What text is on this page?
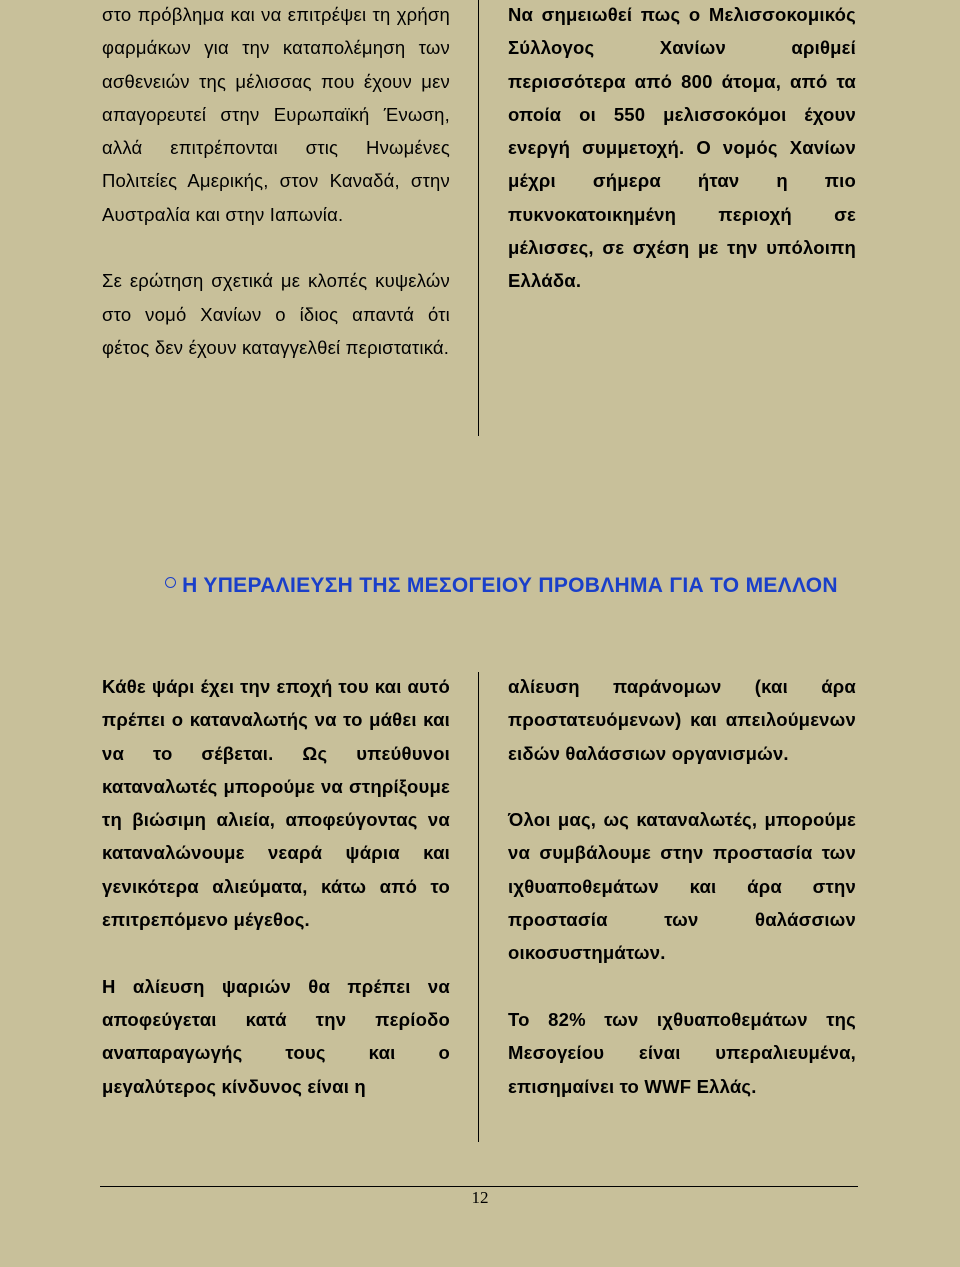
στο πρόβλημα και να επιτρέψει τη χρήση φαρμάκων για την καταπολέμηση των ασθενειών της μέλισσας που έχουν μεν απαγορευτεί στην Ευρωπαϊκή Ένωση, αλλά επιτρέπονται στις Ηνωμένες Πολιτείες Αμερικής, στον Καναδά, στην Αυστραλία και στην Ιαπωνία.

Σε ερώτηση σχετικά με κλοπές κυψελών στο νομό Χανίων ο ίδιος απαντά ότι φέτος δεν έχουν καταγγελθεί περιστατικά.

Να σημειωθεί πως ο Μελισσοκομικός Σύλλογος Χανίων αριθμεί περισσότερα από 800 άτομα, από τα οποία οι 550 μελισσοκόμοι έχουν ενεργή συμμετοχή. Ο νομός Χανίων μέχρι σήμερα ήταν η πιο πυκνοκατοικημένη περιοχή σε μέλισσες, σε σχέση με την υπόλοιπη Ελλάδα.

Η ΥΠΕΡΑΛΙΕΥΣΗ ΤΗΣ ΜΕΣΟΓΕΙΟΥ ΠΡΟΒΛΗΜΑ ΓΙΑ ΤΟ ΜΕΛΛΟΝ

Κάθε ψάρι έχει την εποχή του και αυτό πρέπει ο καταναλωτής να το μάθει και να το σέβεται. Ως υπεύθυνοι καταναλωτές μπορούμε να στηρίξουμε τη βιώσιμη αλιεία, αποφεύγοντας να καταναλώνουμε νεαρά ψάρια και γενικότερα αλιεύματα, κάτω από το επιτρεπόμενο μέγεθος.

Η αλίευση ψαριών θα πρέπει να αποφεύγεται κατά την περίοδο αναπαραγωγής τους και ο μεγαλύτερος κίνδυνος είναι η

αλίευση παράνομων (και άρα προστατευόμενων) και απειλούμενων ειδών θαλάσσιων οργανισμών.

Όλοι μας, ως καταναλωτές, μπορούμε να συμβάλουμε στην προστασία των ιχθυαποθεμάτων και άρα στην προστασία των θαλάσσιων οικοσυστημάτων.

Το 82% των ιχθυαποθεμάτων της Μεσογείου είναι υπεραλιευμένα, επισημαίνει το WWF Ελλάς.

12
